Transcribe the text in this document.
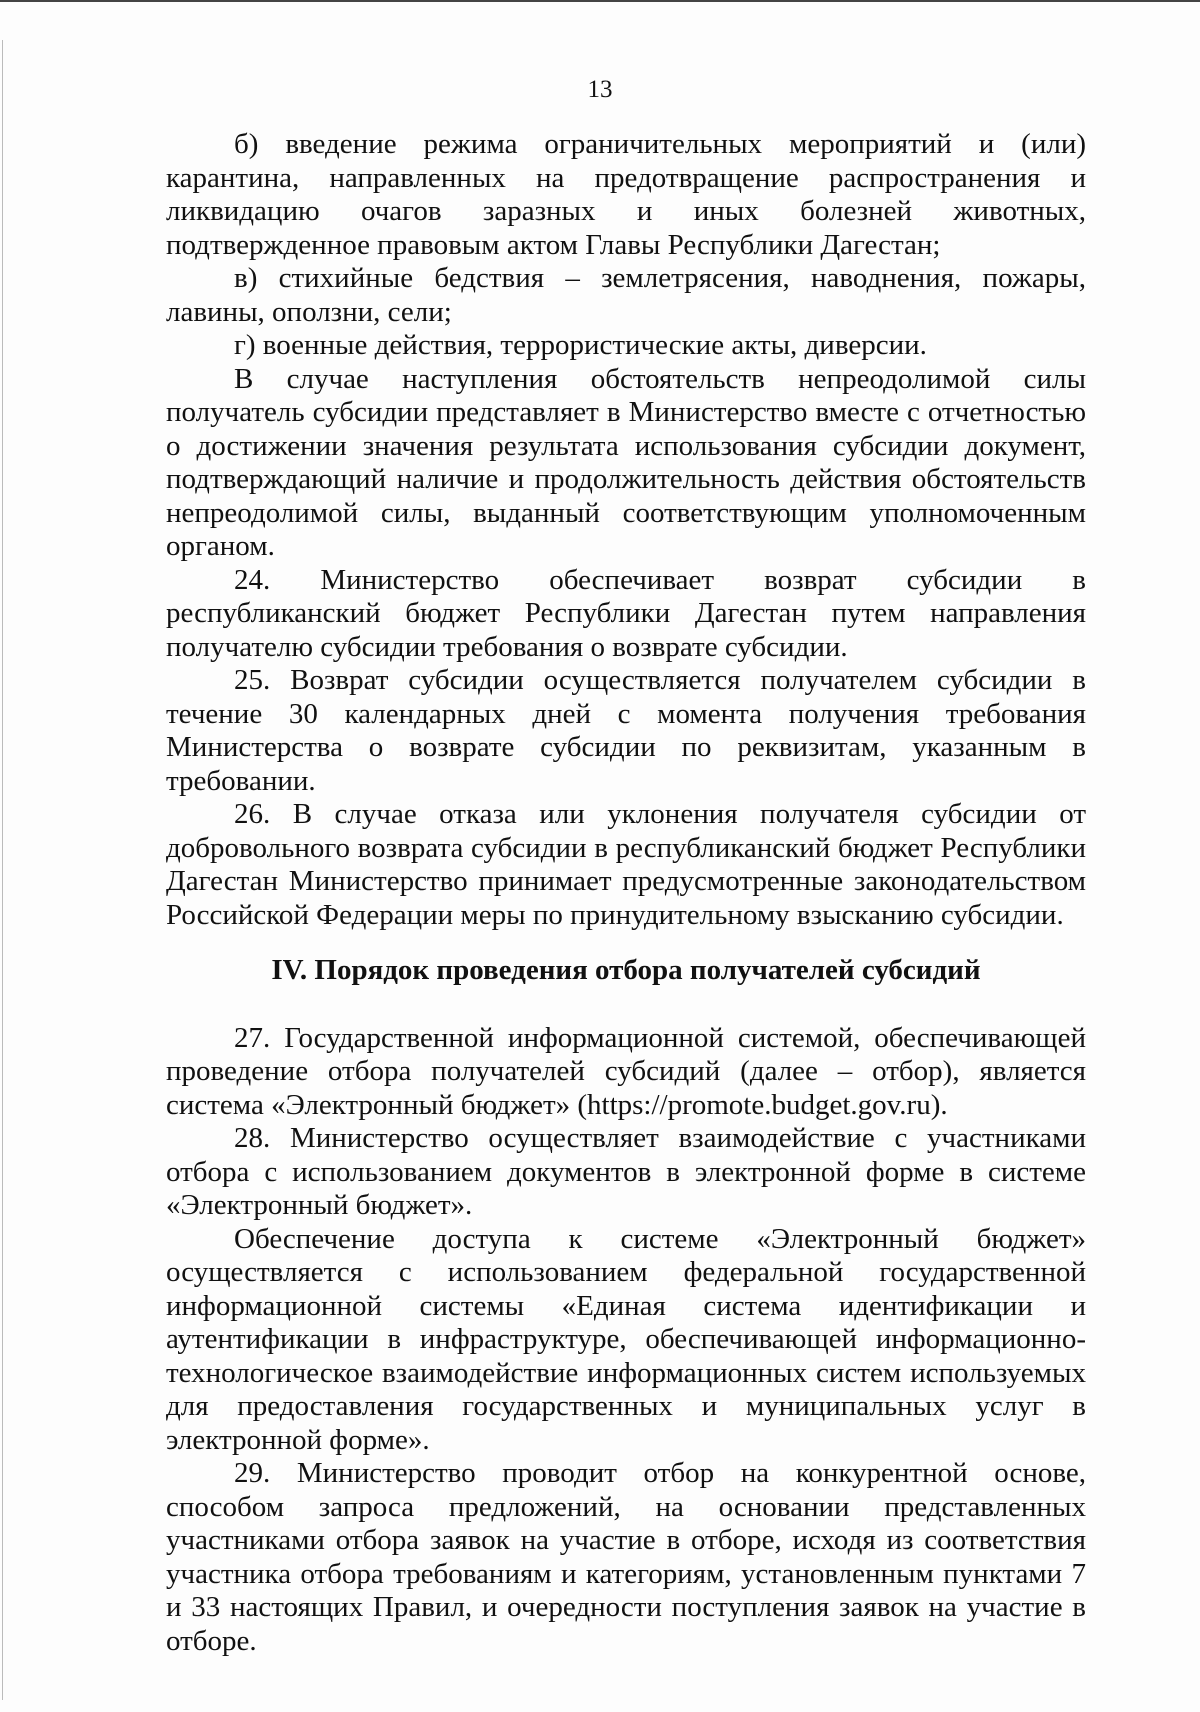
13

б) введение режима ограничительных мероприятий и (или) карантина, направленных на предотвращение распространения и ликвидацию очагов заразных и иных болезней животных, подтвержденное правовым актом Главы Республики Дагестан;

в) стихийные бедствия – землетрясения, наводнения, пожары, лавины, оползни, сели;

г) военные действия, террористические акты, диверсии.

В случае наступления обстоятельств непреодолимой силы получатель субсидии представляет в Министерство вместе с отчетностью о достижении значения результата использования субсидии документ, подтверждающий наличие и продолжительность действия обстоятельств непреодолимой силы, выданный соответствующим уполномоченным органом.

24. Министерство обеспечивает возврат субсидии в республиканский бюджет Республики Дагестан путем направления получателю субсидии требования о возврате субсидии.

25. Возврат субсидии осуществляется получателем субсидии в течение 30 календарных дней с момента получения требования Министерства о возврате субсидии по реквизитам, указанным в требовании.

26. В случае отказа или уклонения получателя субсидии от добровольного возврата субсидии в республиканский бюджет Республики Дагестан Министерство принимает предусмотренные законодательством Российской Федерации меры по принудительному взысканию субсидии.

IV. Порядок проведения отбора получателей субсидий

27. Государственной информационной системой, обеспечивающей проведение отбора получателей субсидий (далее – отбор), является система «Электронный бюджет» (https://promote.budget.gov.ru).

28. Министерство осуществляет взаимодействие с участниками отбора с использованием документов в электронной форме в системе «Электронный бюджет».

Обеспечение доступа к системе «Электронный бюджет» осуществляется с использованием федеральной государственной информационной системы «Единая система идентификации и аутентификации в инфраструктуре, обеспечивающей информационно-технологическое взаимодействие информационных систем используемых для предоставления государственных и муниципальных услуг в электронной форме».

29. Министерство проводит отбор на конкурентной основе, способом запроса предложений, на основании представленных участниками отбора заявок на участие в отборе, исходя из соответствия участника отбора требованиям и категориям, установленным пунктами 7 и 33 настоящих Правил, и очередности поступления заявок на участие в отборе.
